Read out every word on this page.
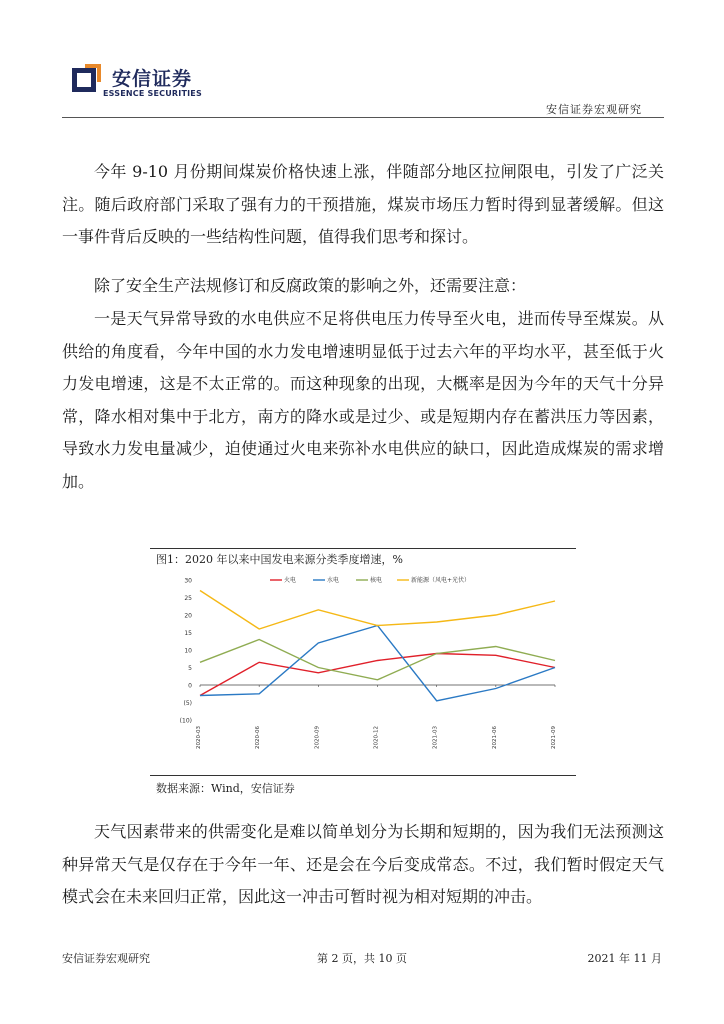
安信证券
ESSENCE SECURITIES
安信证券宏观研究

今年 9-10 月份期间煤炭价格快速上涨，伴随部分地区拉闸限电，引发了广泛关注。随后政府部门采取了强有力的干预措施，煤炭市场压力暂时得到显著缓解。但这一事件背后反映的一些结构性问题，值得我们思考和探讨。

除了安全生产法规修订和反腐政策的影响之外，还需要注意：

一是天气异常导致的水电供应不足将供电压力传导至火电，进而传导至煤炭。从供给的角度看，今年中国的水力发电增速明显低于过去六年的平均水平，甚至低于火力发电增速，这是不太正常的。而这种现象的出现，大概率是因为今年的天气十分异常，降水相对集中于北方，南方的降水或是过少、或是短期内存在蓄洪压力等因素，导致水力发电量减少，迫使通过火电来弥补水电供应的缺口，因此造成煤炭的需求增加。

图1：2020 年以来中国发电来源分类季度增速，%
(10)
(5)
0
5
10
15
20
25
30
2020-03	2020-06	2020-09	2020-12	2021-03	2021-06	2021-09
火电	水电	核电	新能源（风电+光伏）
数据来源：Wind，安信证券

天气因素带来的供需变化是难以简单划分为长期和短期的，因为我们无法预测这种异常天气是仅存在于今年一年、还是会在今后变成常态。不过，我们暂时假定天气模式会在未来回归正常，因此这一冲击可暂时视为相对短期的冲击。

安信证券宏观研究	第 2 页，共 10 页	2021 年 11 月
